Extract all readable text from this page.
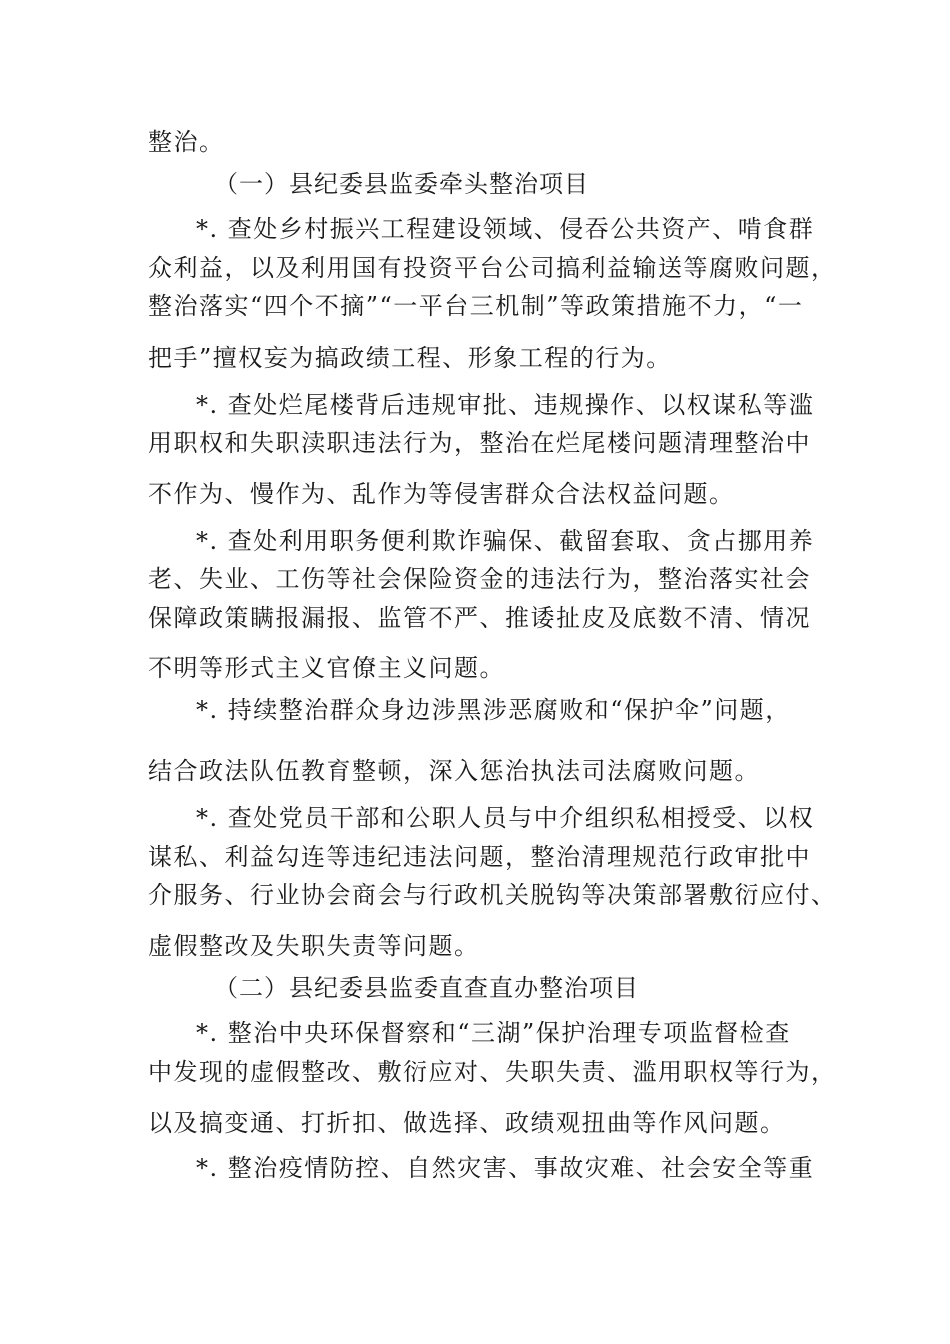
整治。
（一）县纪委县监委牵头整治项目
*. 查处乡村振兴工程建设领域、侵吞公共资产、啃食群
众利益，以及利用国有投资平台公司搞利益输送等腐败问题，
整治落实“四个不摘”“一平台三机制”等政策措施不力，“一
把手”擅权妄为搞政绩工程、形象工程的行为。
*. 查处烂尾楼背后违规审批、违规操作、以权谋私等滥
用职权和失职渎职违法行为，整治在烂尾楼问题清理整治中
不作为、慢作为、乱作为等侵害群众合法权益问题。
*. 查处利用职务便利欺诈骗保、截留套取、贪占挪用养
老、失业、工伤等社会保险资金的违法行为，整治落实社会
保障政策瞒报漏报、监管不严、推诿扯皮及底数不清、情况
不明等形式主义官僚主义问题。
*. 持续整治群众身边涉黑涉恶腐败和“保护伞”问题，
结合政法队伍教育整顿，深入惩治执法司法腐败问题。
*. 查处党员干部和公职人员与中介组织私相授受、以权
谋私、利益勾连等违纪违法问题，整治清理规范行政审批中
介服务、行业协会商会与行政机关脱钩等决策部署敷衍应付、
虚假整改及失职失责等问题。
（二）县纪委县监委直查直办整治项目
*. 整治中央环保督察和“三湖”保护治理专项监督检查
中发现的虚假整改、敷衍应对、失职失责、滥用职权等行为，
以及搞变通、打折扣、做选择、政绩观扭曲等作风问题。
*. 整治疫情防控、自然灾害、事故灾难、社会安全等重
